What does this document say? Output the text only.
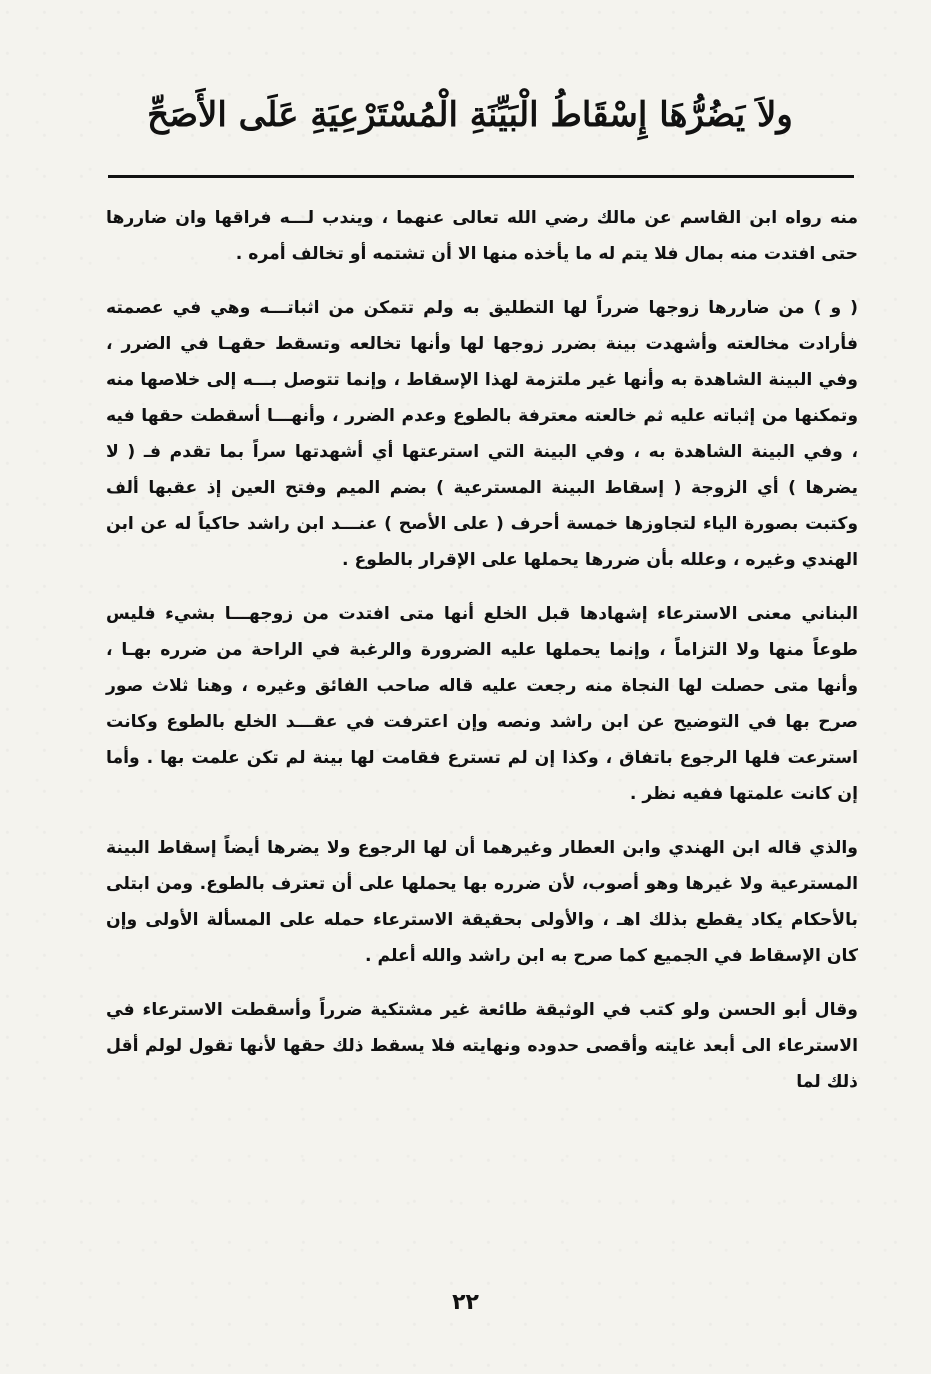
ولاَ يَضُرُّهَا إِسْقَاطُ الْبَيِّنَةِ الْمُسْتَرْعِيَةِ عَلَى الأَصَحِّ

منه رواه ابن القاسم عن مالك رضي الله تعالى عنهما ، ويندب لـــه فراقها وان ضاررها حتى افتدت منه بمال فلا يتم له ما يأخذه منها الا أن تشتمه أو تخالف أمره .

( و ) من ضاررها زوجها ضرراً لها التطليق به ولم تتمكن من اثباتـــه وهي في عصمته فأرادت مخالعته وأشهدت بينة بضرر زوجها لها وأنها تخالعه وتسقط حقهـا في الضرر ، وفي البينة الشاهدة به وأنها غير ملتزمة لهذا الإسقاط ، وإنما تتوصل بـــه إلى خلاصها منه وتمكنها من إثباته عليه ثم خالعته معترفة بالطوع وعدم الضرر ، وأنهـــا أسقطت حقها فيه ، وفي البينة الشاهدة به ، وفي البينة التي استرعتها أي أشهدتها سراً بما تقدم فـ ( لا يضرها ) أي الزوجة ( إسقاط البينة المسترعية ) بضم الميم وفتح العين إذ عقبها ألف وكتبت بصورة الياء لتجاوزها خمسة أحرف ( على الأصح ) عنـــد ابن راشد حاكياً له عن ابن الهندي وغيره ، وعلله بأن ضررها يحملها على الإقرار بالطوع .

البناني معنى الاسترعاء إشهادها قبل الخلع أنها متى افتدت من زوجهـــا بشيء فليس طوعاً منها ولا التزاماً ، وإنما يحملها عليه الضرورة والرغبة في الراحة من ضرره بهـا ، وأنها متى حصلت لها النجاة منه رجعت عليه قاله صاحب الفائق وغيره ، وهنا ثلاث صور صرح بها في التوضيح عن ابن راشد ونصه وإن اعترفت في عقـــد الخلع بالطوع وكانت استرعت فلها الرجوع باتفاق ، وكذا إن لم تسترع فقامت لها بينة لم تكن علمت بها . وأما إن كانت علمتها ففيه نظر .

والذي قاله ابن الهندي وابن العطار وغيرهما أن لها الرجوع ولا يضرها أيضاً إسقاط البينة المسترعية ولا غيرها وهو أصوب، لأن ضرره بها يحملها على أن تعترف بالطوع. ومن ابتلى بالأحكام يكاد يقطع بذلك اهـ ، والأولى بحقيقة الاسترعاء حمله على المسألة الأولى وإن كان الإسقاط في الجميع كما صرح به ابن راشد والله أعلم .

وقال أبو الحسن ولو كتب في الوثيقة طائعة غير مشتكية ضرراً وأسقطت الاسترعاء في الاسترعاء الى أبعد غايته وأقصى حدوده ونهايته فلا يسقط ذلك حقها لأنها تقول لولم أقل ذلك لما

٢٢
